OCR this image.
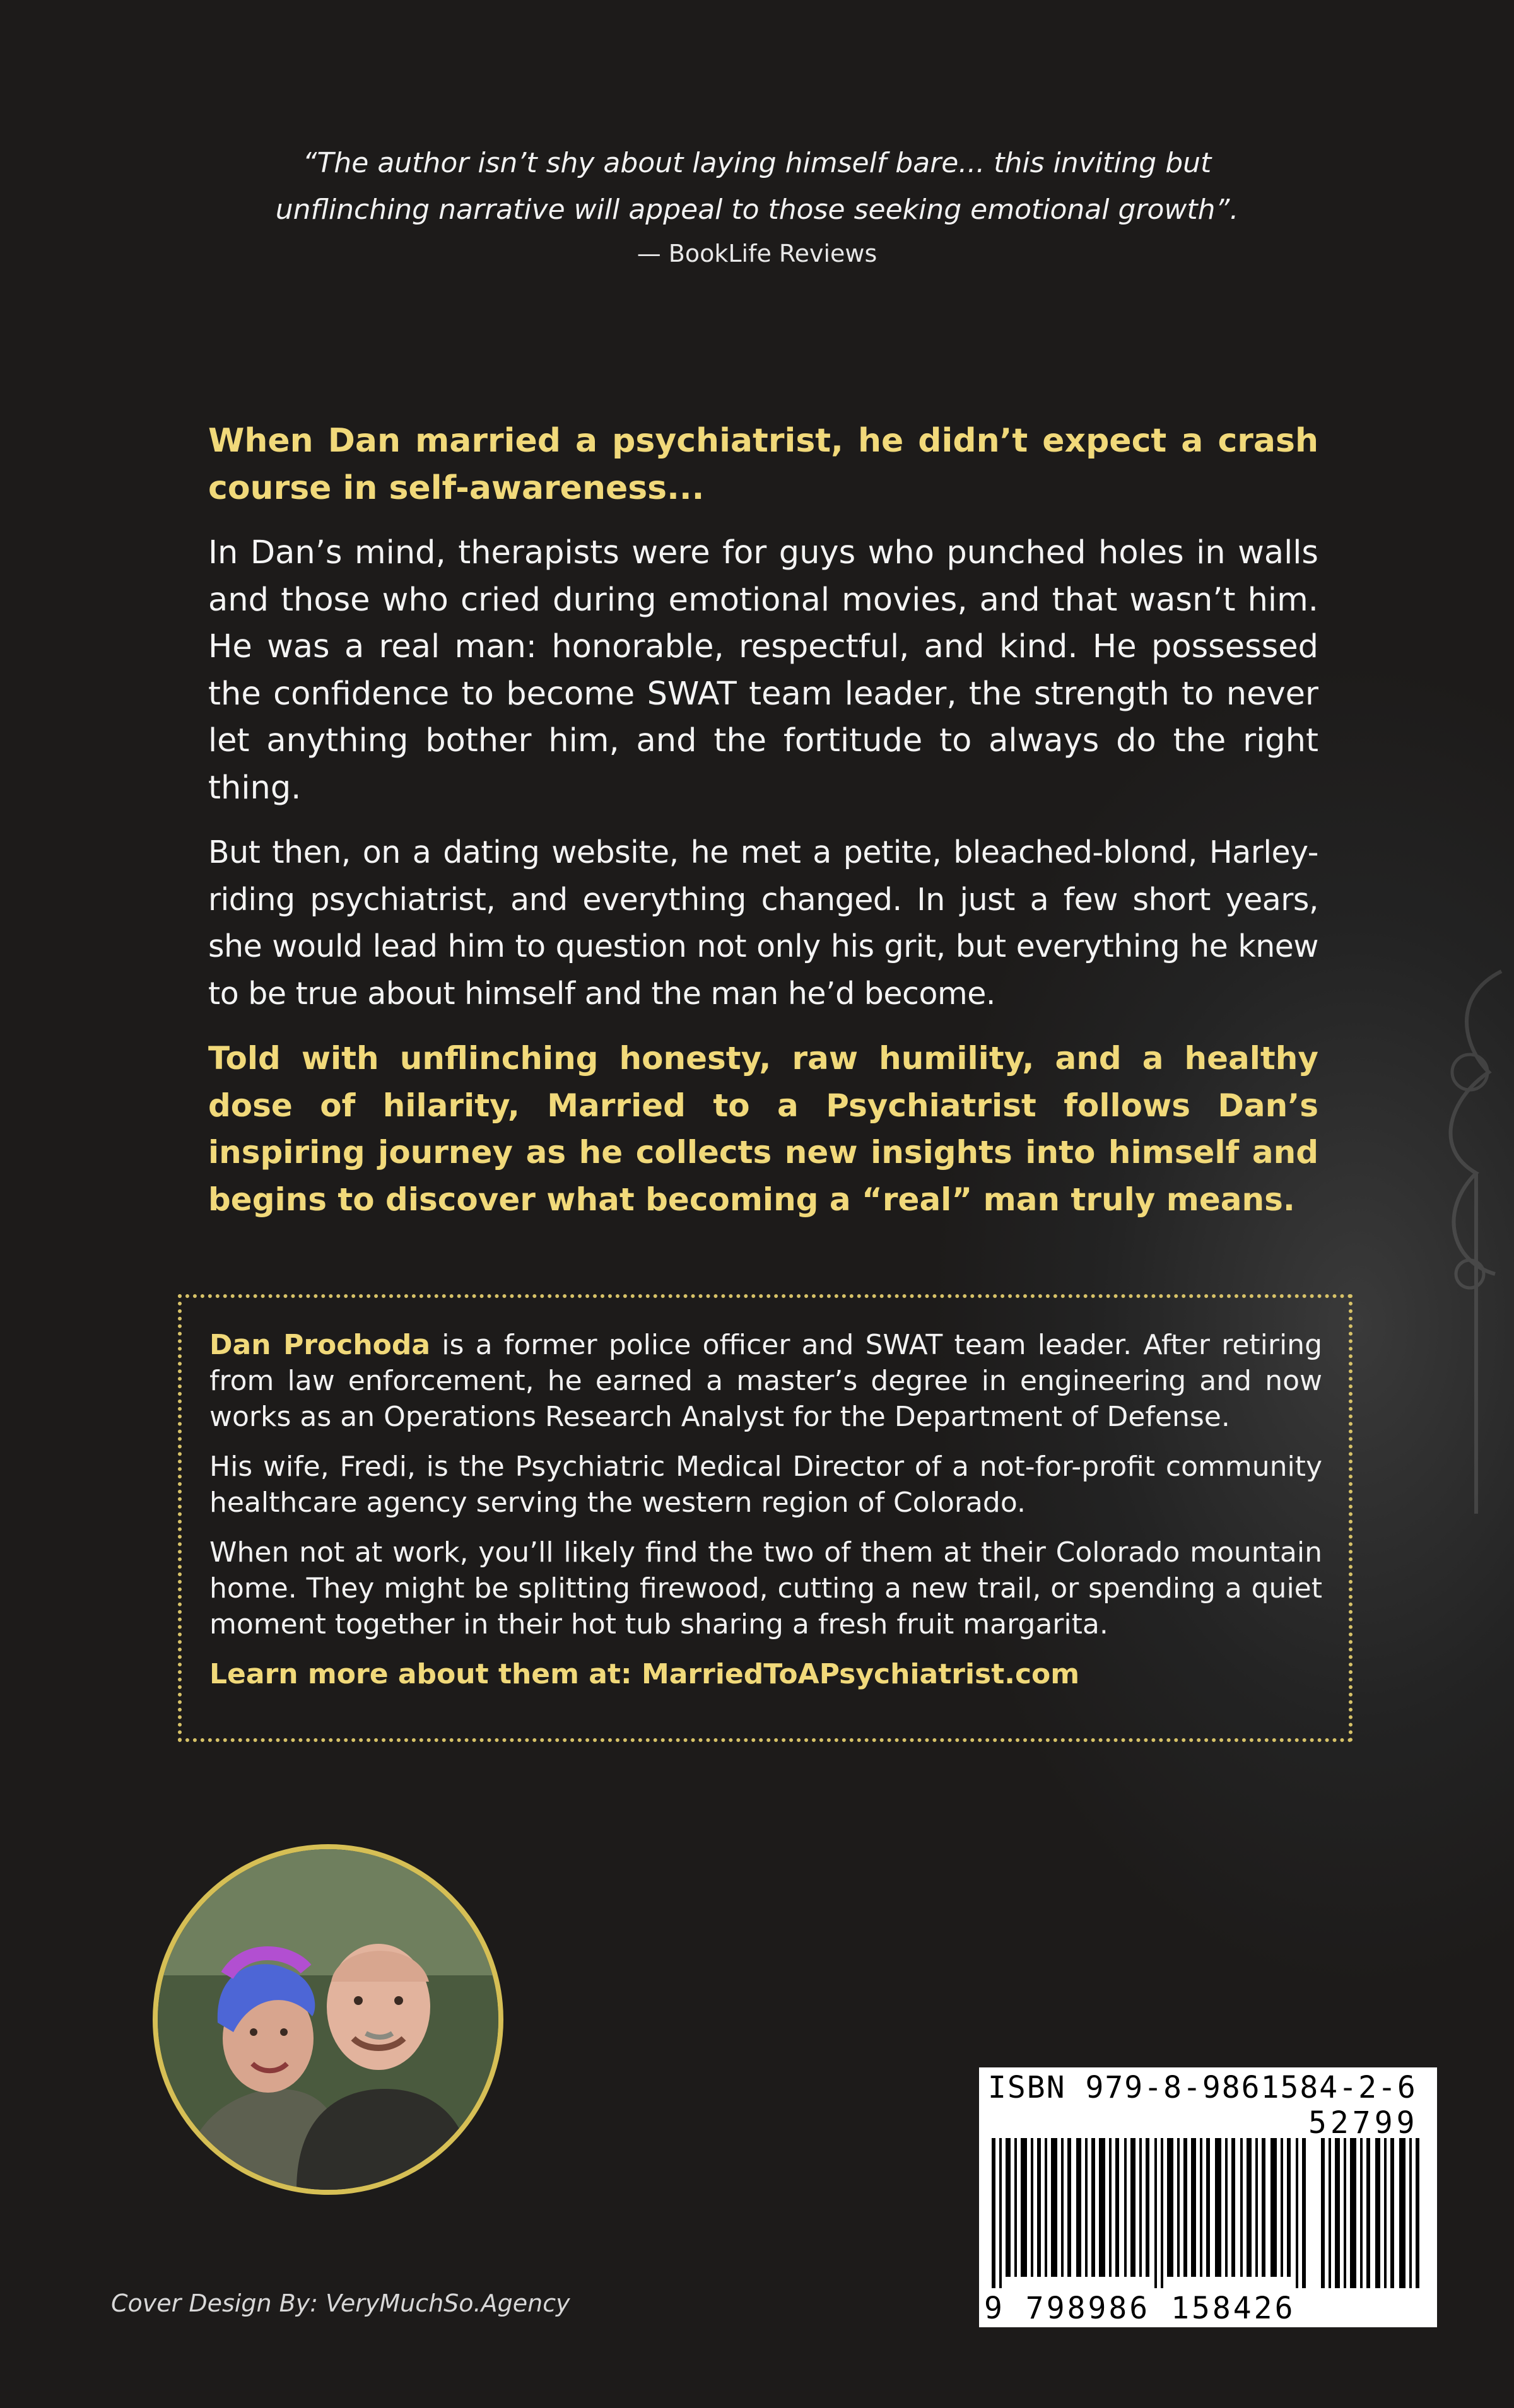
“The author isn’t shy about laying himself bare... this inviting but
unflinching narrative will appeal to those seeking emotional growth”.
— BookLife Reviews

When Dan married a psychiatrist, he didn’t expect a crash course in self-awareness...

In Dan’s mind, therapists were for guys who punched holes in walls and those who cried during emotional movies, and that wasn’t him. He was a real man: honorable, respectful, and kind. He possessed the confidence to become SWAT team leader, the strength to never let anything bother him, and the fortitude to always do the right thing.

But then, on a dating website, he met a petite, bleached-blond, Harley-riding psychiatrist, and everything changed. In just a few short years, she would lead him to question not only his grit, but everything he knew to be true about himself and the man he’d become.

Told with unflinching honesty, raw humility, and a healthy dose of hilarity, Married to a Psychiatrist follows Dan’s inspiring journey as he collects new insights into himself and begins to discover what becoming a “real” man truly means.

Dan Prochoda is a former police officer and SWAT team leader. After retiring from law enforcement, he earned a master’s degree in engineering and now works as an Operations Research Analyst for the Department of Defense.

His wife, Fredi, is the Psychiatric Medical Director of a not-for-profit community healthcare agency serving the western region of Colorado.

When not at work, you’ll likely find the two of them at their Colorado mountain home. They might be splitting firewood, cutting a new trail, or spending a quiet moment together in their hot tub sharing a fresh fruit margarita.

Learn more about them at: MarriedToAPsychiatrist.com
ISBN 979-8-9861584-2-6
52799
9 798986 158426
Cover Design By: VeryMuchSo.Agency
